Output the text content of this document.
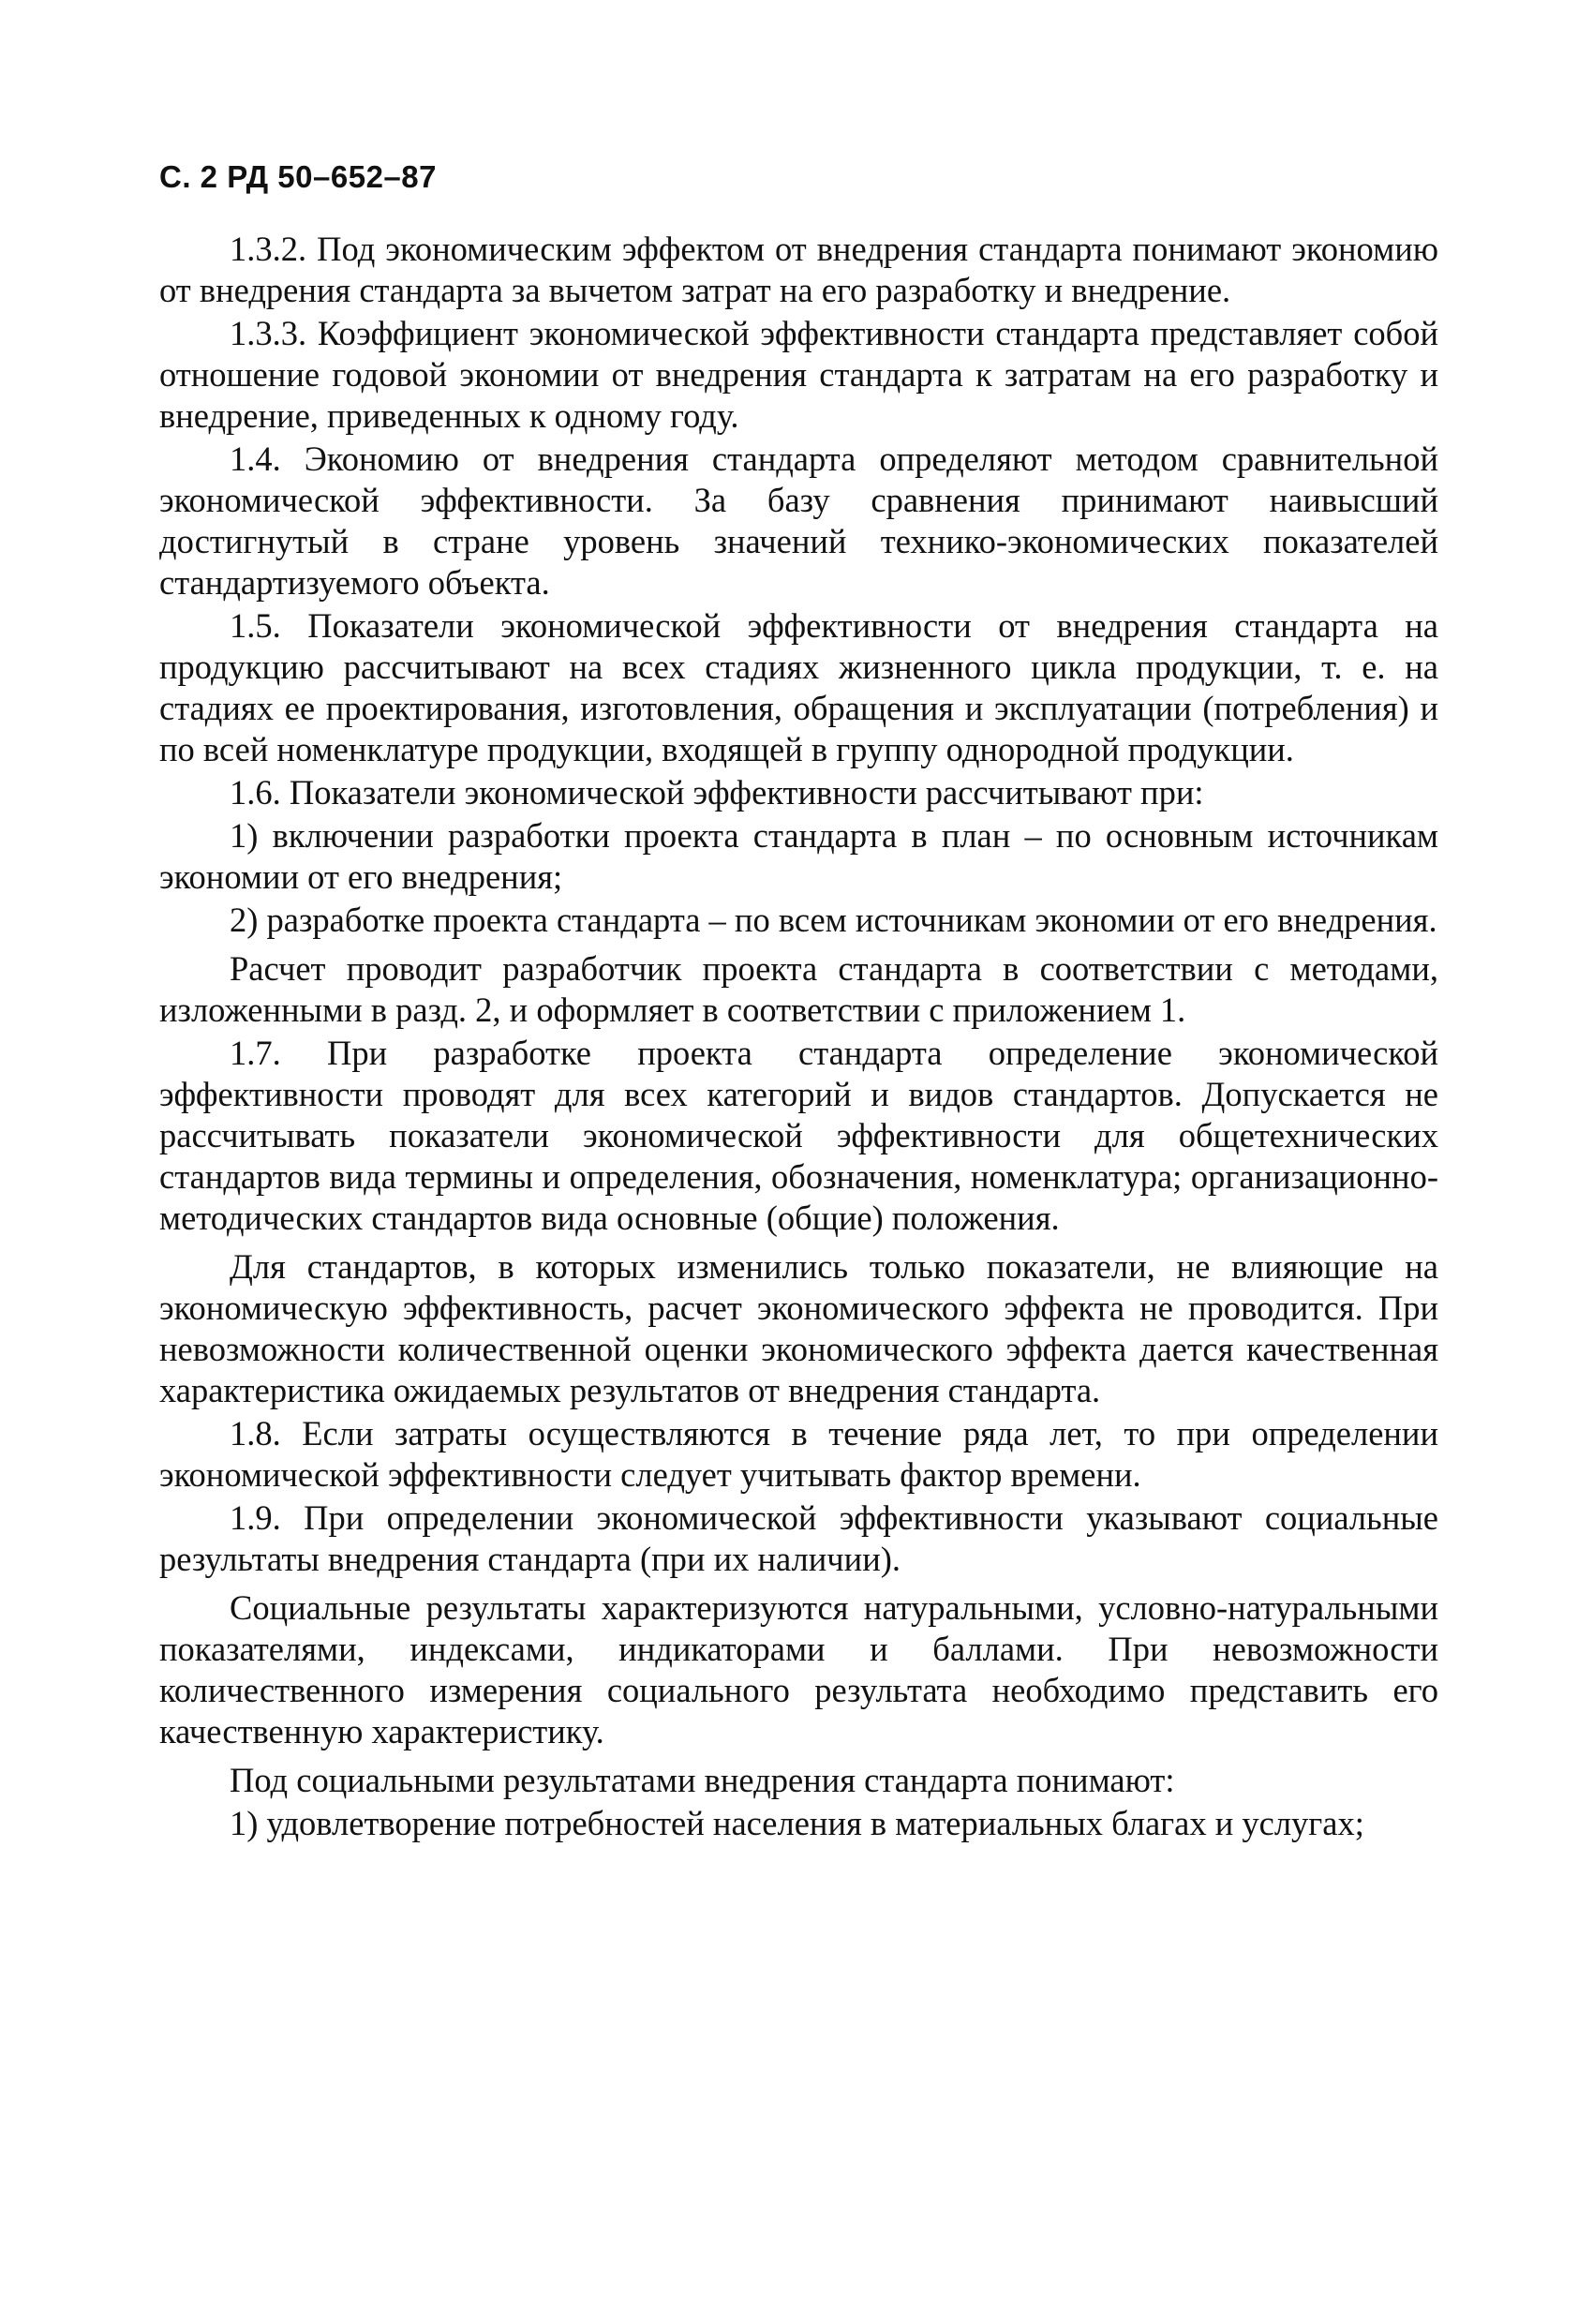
С. 2 РД 50–652–87

1.3.2. Под экономическим эффектом от внедрения стандарта понимают экономию от внедрения стандарта за вычетом затрат на его разработку и внедрение.

1.3.3. Коэффициент экономической эффективности стандарта представляет собой отношение годовой экономии от внедрения стандарта к затратам на его разработку и внедрение, приведенных к одному году.

1.4. Экономию от внедрения стандарта определяют методом сравнительной экономической эффективности. За базу сравнения принимают наивысший достигнутый в стране уровень значений технико-экономических показателей стандартизуемого объекта.

1.5. Показатели экономической эффективности от внедрения стандарта на продукцию рассчитывают на всех стадиях жизненного цикла продукции, т. е. на стадиях ее проектирования, изготовления, обращения и эксплуатации (потребления) и по всей номенклатуре продукции, входящей в группу однородной продукции.

1.6. Показатели экономической эффективности рассчитывают при:

1) включении разработки проекта стандарта в план – по основным источникам экономии от его внедрения;

2) разработке проекта стандарта – по всем источникам экономии от его внедрения.

Расчет проводит разработчик проекта стандарта в соответствии с методами, изложенными в разд. 2, и оформляет в соответствии с приложением 1.

1.7. При разработке проекта стандарта определение экономической эффективности проводят для всех категорий и видов стандартов. Допускается не рассчитывать показатели экономической эффективности для общетехнических стандартов вида термины и определения, обозначения, номенклатура; организационно-методических стандартов вида основные (общие) положения.

Для стандартов, в которых изменились только показатели, не влияющие на экономическую эффективность, расчет экономического эффекта не проводится. При невозможности количественной оценки экономического эффекта дается качественная характеристика ожидаемых результатов от внедрения стандарта.

1.8. Если затраты осуществляются в течение ряда лет, то при определении экономической эффективности следует учитывать фактор времени.

1.9. При определении экономической эффективности указывают социальные результаты внедрения стандарта (при их наличии).

Социальные результаты характеризуются натуральными, условно-натуральными показателями, индексами, индикаторами и баллами. При невозможности количественного измерения социального результата необходимо представить его качественную характеристику.

Под социальными результатами внедрения стандарта понимают:

1) удовлетворение потребностей населения в материальных благах и услугах;
